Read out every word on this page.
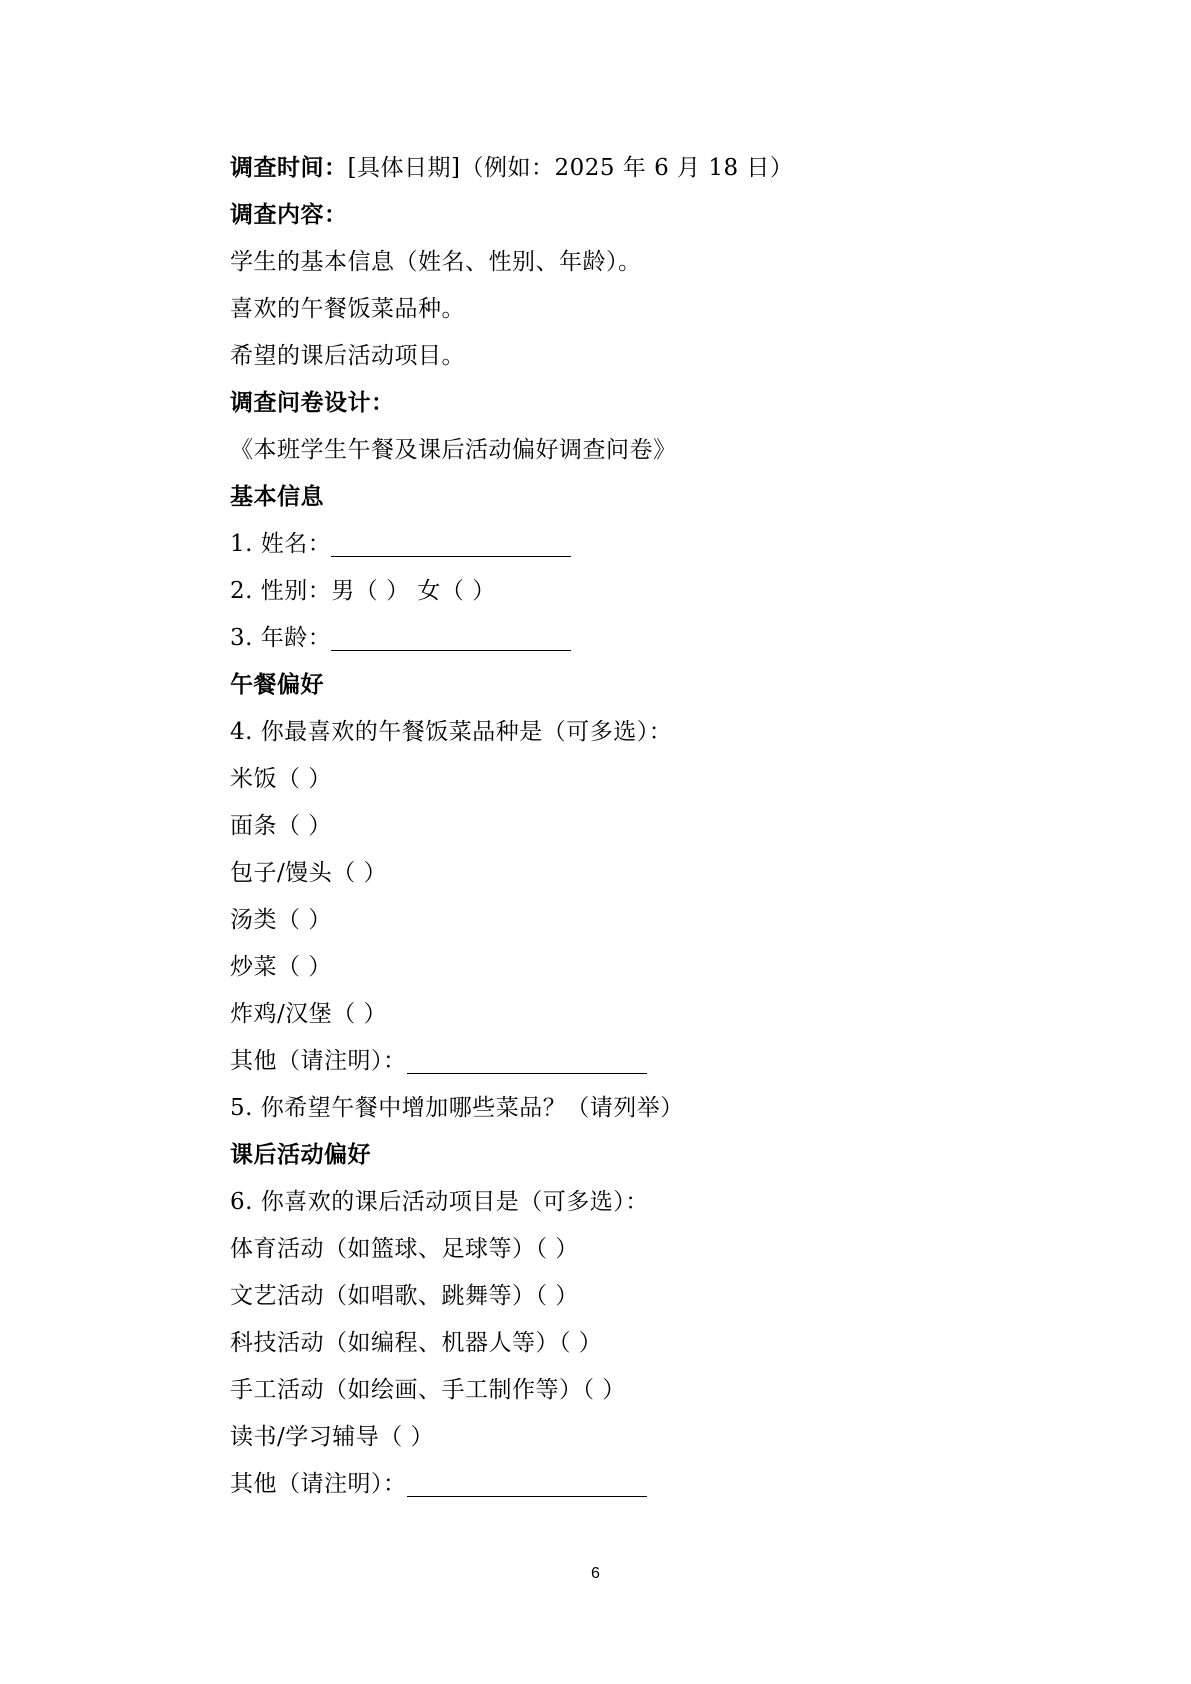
调查时间：[具体日期]（例如：2025 年 6 月 18 日）
调查内容：
学生的基本信息（姓名、性别、年龄）。
喜欢的午餐饭菜品种。
希望的课后活动项目。
调查问卷设计：
《本班学生午餐及课后活动偏好调查问卷》
基本信息
1. 姓名：
2. 性别：男（ ） 女（ ）
3. 年龄：
午餐偏好
4. 你最喜欢的午餐饭菜品种是（可多选）：
米饭（ ）
面条（ ）
包子/馒头（ ）
汤类（ ）
炒菜（ ）
炸鸡/汉堡（ ）
其他（请注明）：
5. 你希望午餐中增加哪些菜品？（请列举）
课后活动偏好
6. 你喜欢的课后活动项目是（可多选）：
体育活动（如篮球、足球等）（ ）
文艺活动（如唱歌、跳舞等）（ ）
科技活动（如编程、机器人等）（ ）
手工活动（如绘画、手工制作等）（ ）
读书/学习辅导（ ）
其他（请注明）：
6
